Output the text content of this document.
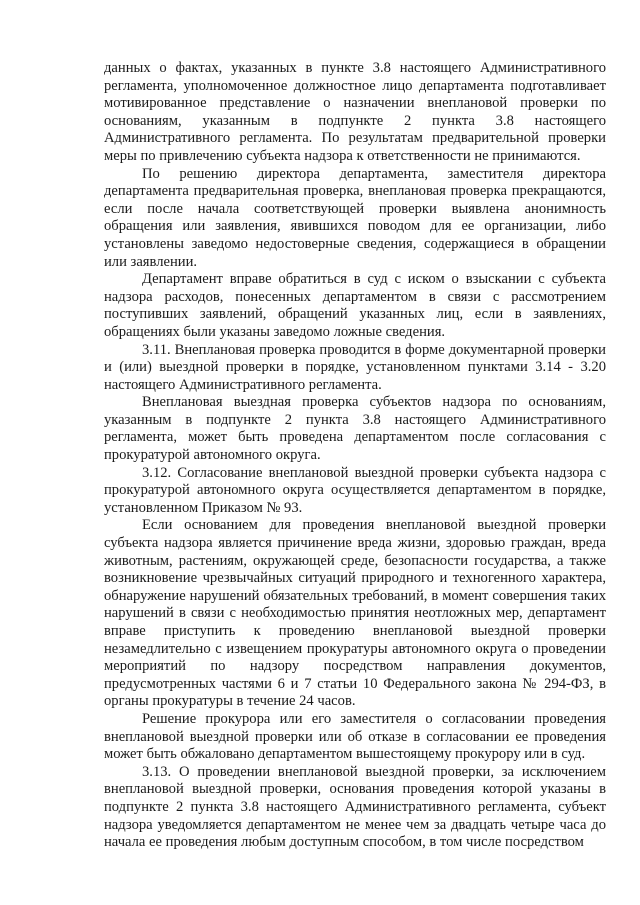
данных о фактах, указанных в пункте 3.8 настоящего Административного регламента, уполномоченное должностное лицо департамента подготавливает мотивированное представление о назначении внеплановой проверки по основаниям, указанным в подпункте 2 пункта 3.8 настоящего Административного регламента. По результатам предварительной проверки меры по привлечению субъекта надзора к ответственности не принимаются.

По решению директора департамента, заместителя директора департамента предварительная проверка, внеплановая проверка прекращаются, если после начала соответствующей проверки выявлена анонимность обращения или заявления, явившихся поводом для ее организации, либо установлены заведомо недостоверные сведения, содержащиеся в обращении или заявлении.

Департамент вправе обратиться в суд с иском о взыскании с субъекта надзора расходов, понесенных департаментом в связи с рассмотрением поступивших заявлений, обращений указанных лиц, если в заявлениях, обращениях были указаны заведомо ложные сведения.

3.11. Внеплановая проверка проводится в форме документарной проверки и (или) выездной проверки в порядке, установленном пунктами 3.14 - 3.20 настоящего Административного регламента.

Внеплановая выездная проверка субъектов надзора по основаниям, указанным в подпункте 2 пункта 3.8 настоящего Административного регламента, может быть проведена департаментом после согласования с прокуратурой автономного округа.

3.12. Согласование внеплановой выездной проверки субъекта надзора с прокуратурой автономного округа осуществляется департаментом в порядке, установленном Приказом № 93.

Если основанием для проведения внеплановой выездной проверки субъекта надзора является причинение вреда жизни, здоровью граждан, вреда животным, растениям, окружающей среде, безопасности государства, а также возникновение чрезвычайных ситуаций природного и техногенного характера, обнаружение нарушений обязательных требований, в момент совершения таких нарушений в связи с необходимостью принятия неотложных мер, департамент вправе приступить к проведению внеплановой выездной проверки незамедлительно с извещением прокуратуры автономного округа о проведении мероприятий по надзору посредством направления документов, предусмотренных частями 6 и 7 статьи 10 Федерального закона № 294-ФЗ, в органы прокуратуры в течение 24 часов.

Решение прокурора или его заместителя о согласовании проведения внеплановой выездной проверки или об отказе в согласовании ее проведения может быть обжаловано департаментом вышестоящему прокурору или в суд.

3.13. О проведении внеплановой выездной проверки, за исключением внеплановой выездной проверки, основания проведения которой указаны в подпункте 2 пункта 3.8 настоящего Административного регламента, субъект надзора уведомляется департаментом не менее чем за двадцать четыре часа до начала ее проведения любым доступным способом, в том числе посредством
